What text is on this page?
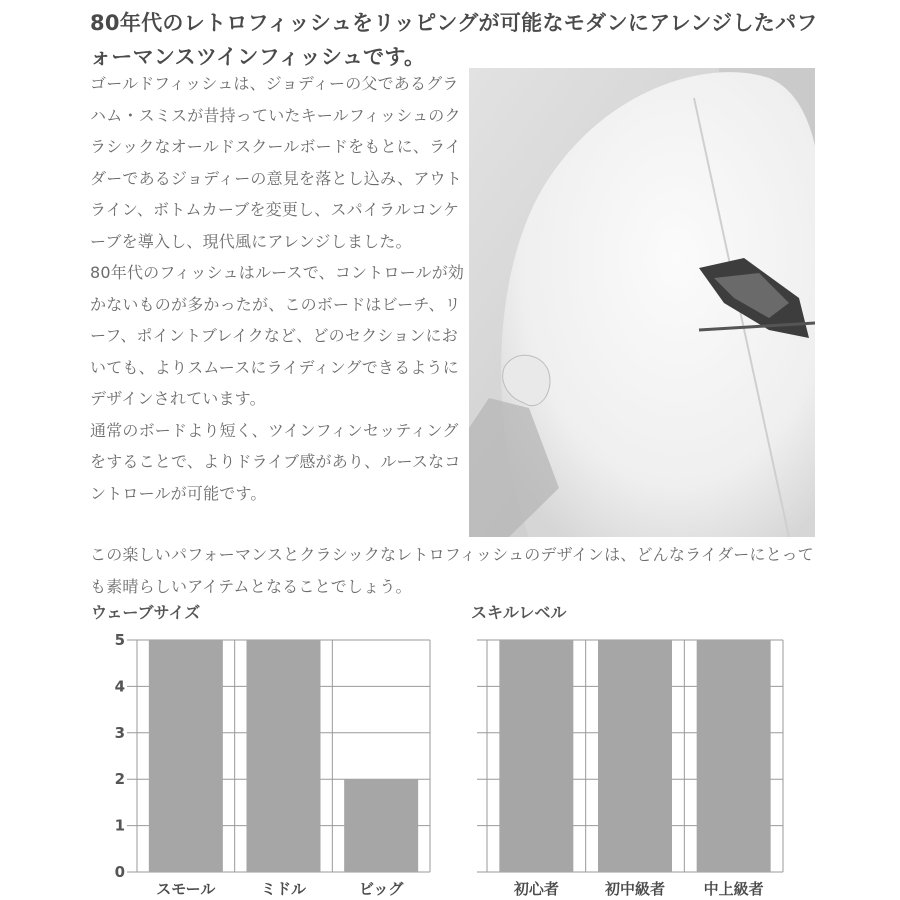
80年代のレトロフィッシュをリッピングが可能なモダンにアレンジしたパフォーマンスツインフィッシュです。

ゴールドフィッシュは、ジョディーの父であるグラハム・スミスが昔持っていたキールフィッシュのクラシックなオールドスクールボードをもとに、ライダーであるジョディーの意見を落とし込み、アウトライン、ボトムカーブを変更し、スパイラルコンケーブを導入し、現代風にアレンジしました。

80年代のフィッシュはルースで、コントロールが効かないものが多かったが、このボードはビーチ、リーフ、ポイントブレイクなど、どのセクションにおいても、よりスムースにライディングできるようにデザインされています。

通常のボードより短く、ツインフィンセッティングをすることで、よりドライブ感があり、ルースなコントロールが可能です。

この楽しいパフォーマンスとクラシックなレトロフィッシュのデザインは、どんなライダーにとっても素晴らしいアイテムとなることでしょう。

ウェーブサイズ
0
1
2
3
4
5
スモール	ミドル	ビッグ
スキルレベル
初心者	初中級者	中上級者
